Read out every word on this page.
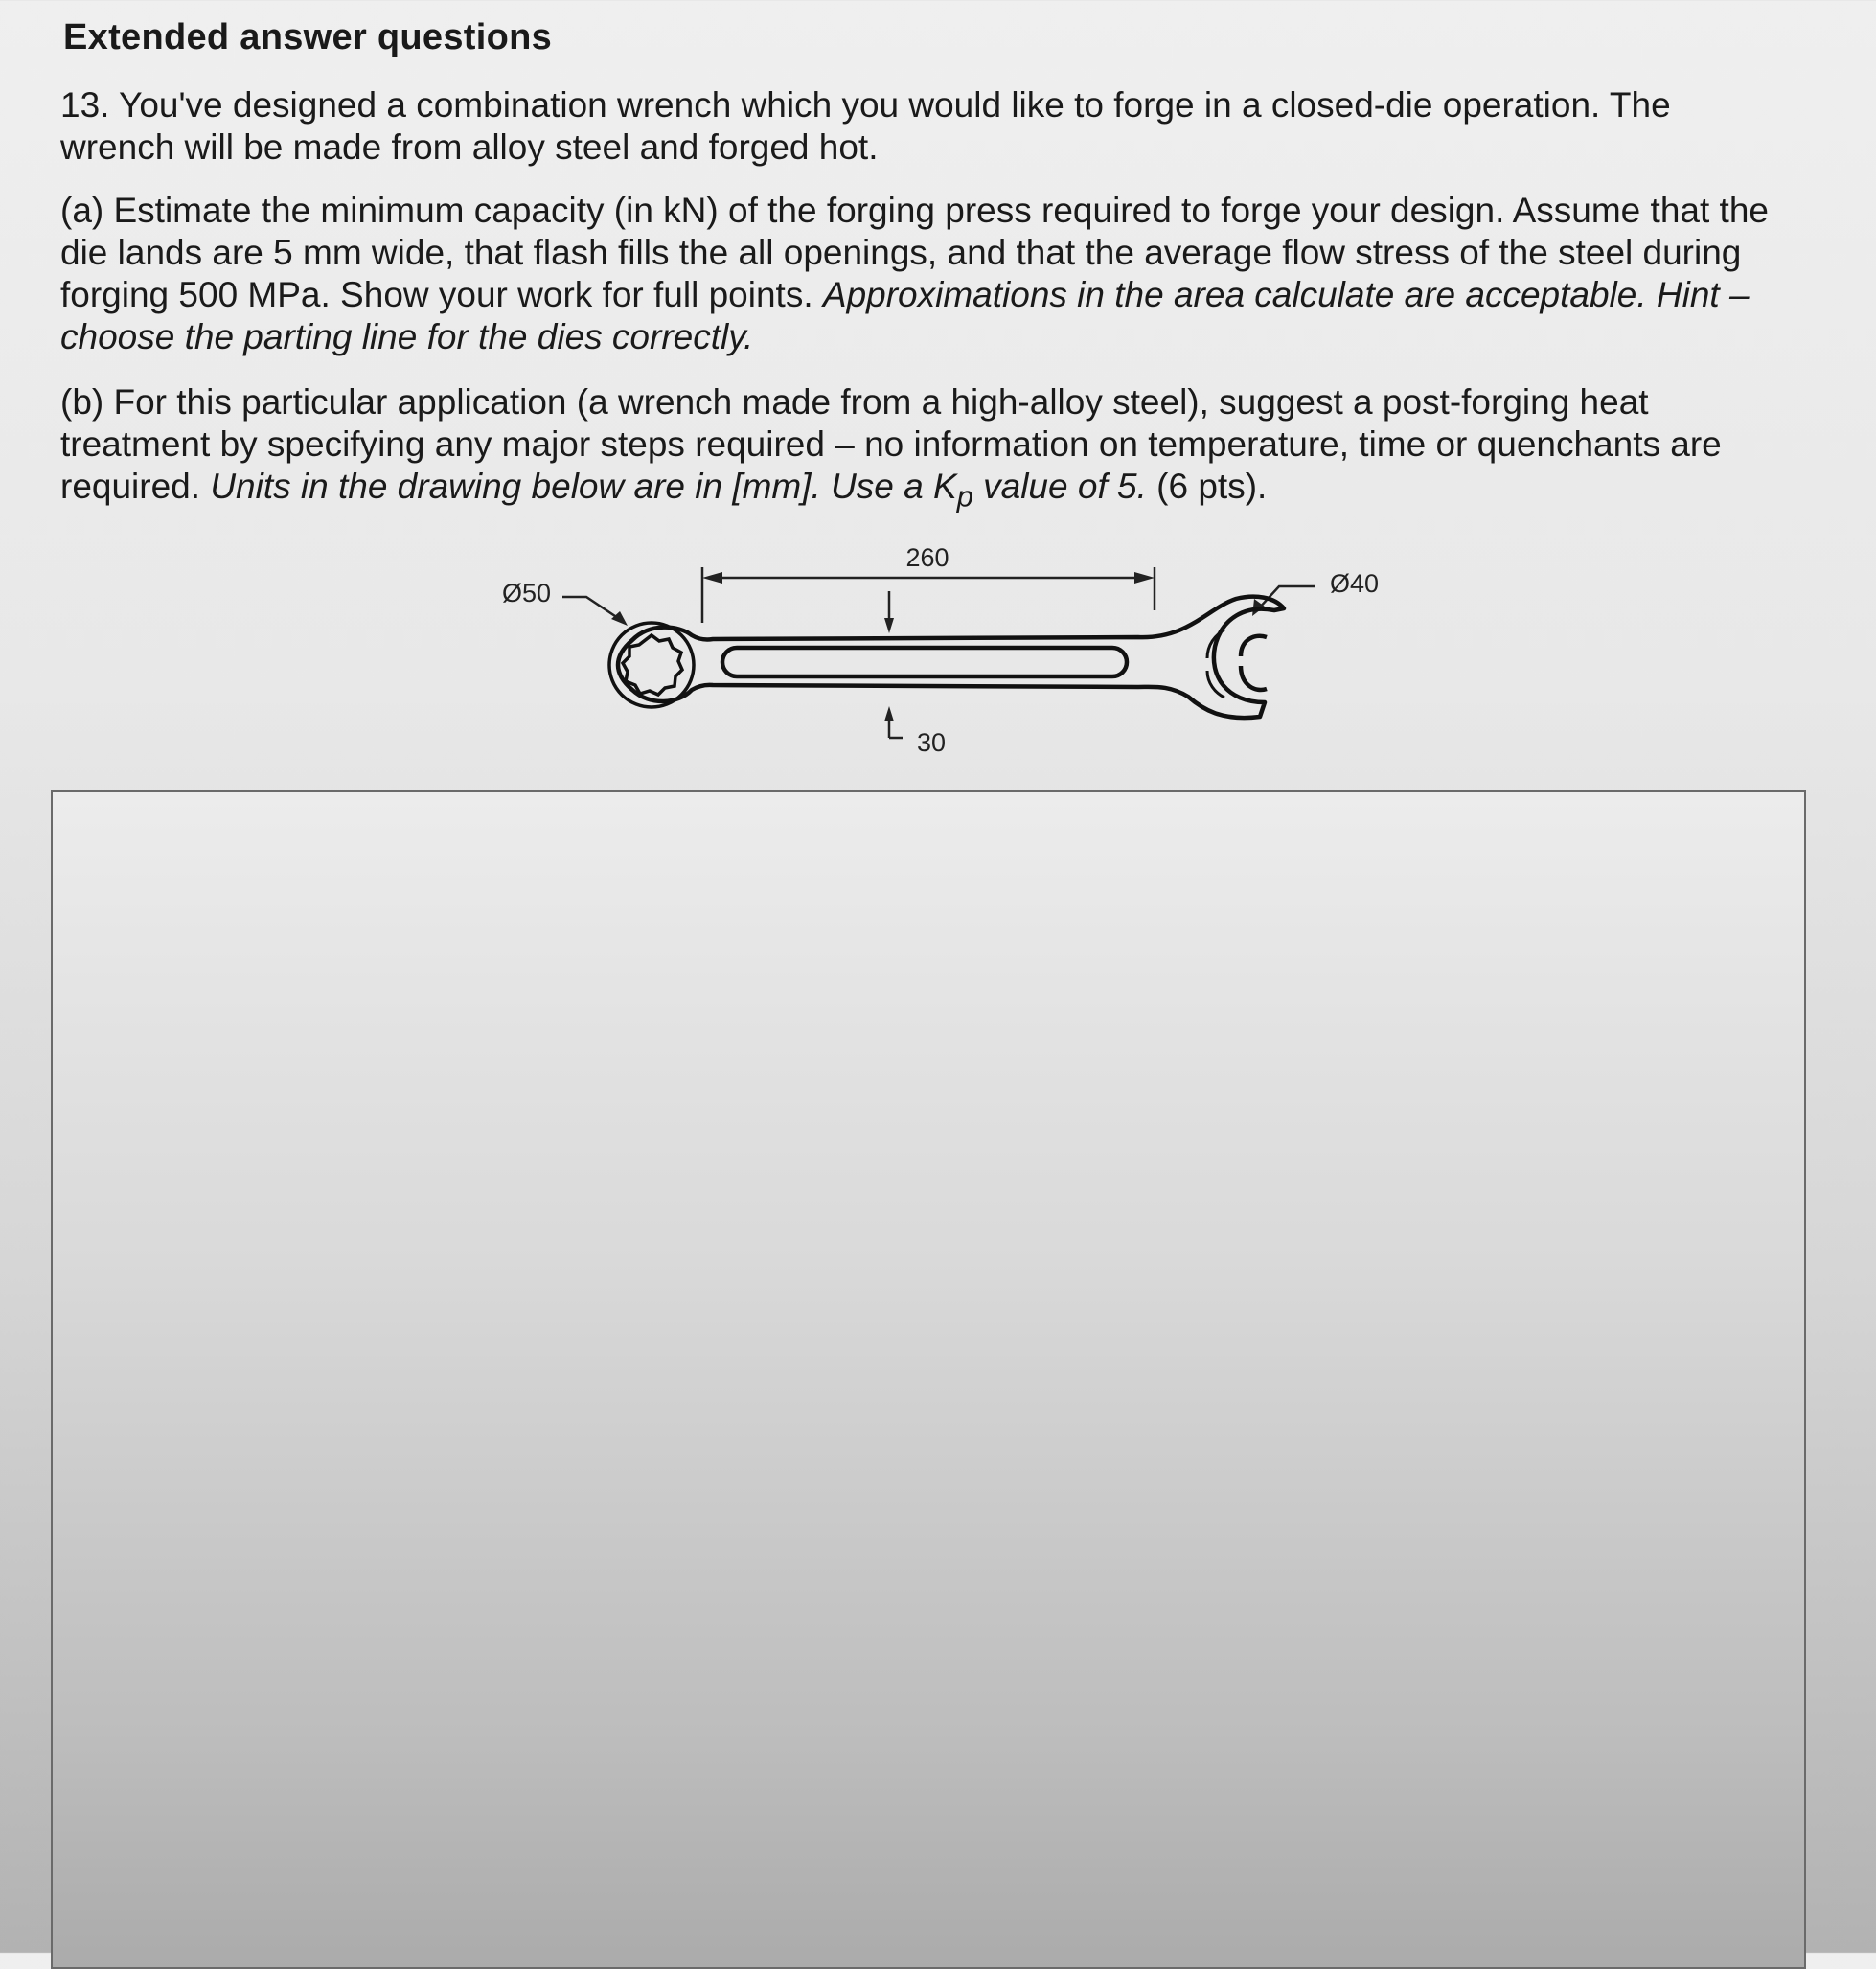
Extended answer questions
13. You've designed a combination wrench which you would like to forge in a closed-die operation. The wrench will be made from alloy steel and forged hot.
(a) Estimate the minimum capacity (in kN) of the forging press required to forge your design. Assume that the die lands are 5 mm wide, that flash fills the all openings, and that the average flow stress of the steel during forging 500 MPa. Show your work for full points. Approximations in the area calculate are acceptable. Hint – choose the parting line for the dies correctly.
(b) For this particular application (a wrench made from a high-alloy steel), suggest a post-forging heat treatment by specifying any major steps required – no information on temperature, time or quenchants are required. Units in the drawing below are in [mm]. Use a $K_p$ value of 5. (6 pts).
260
Ø50	Ø40
30
